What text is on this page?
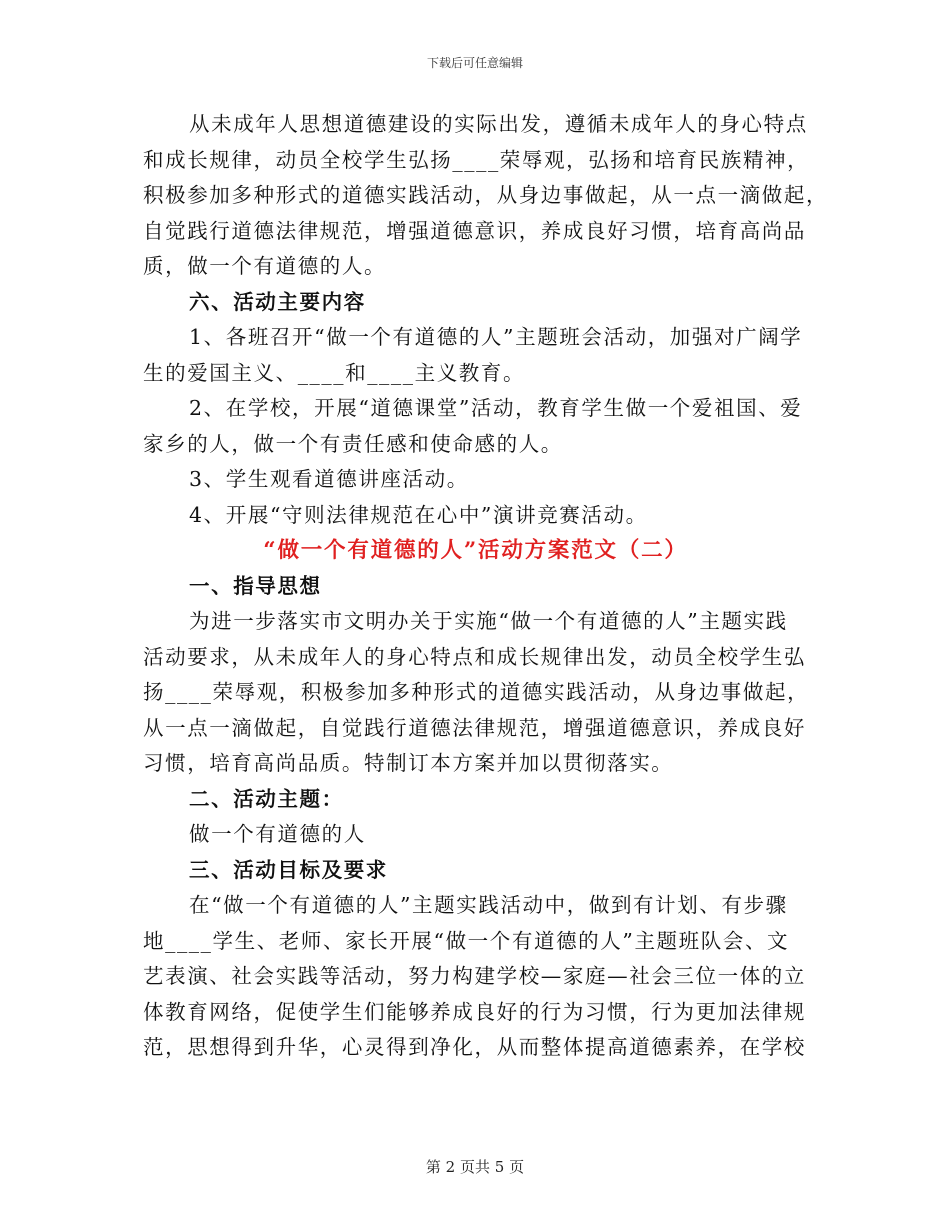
下载后可任意编辑

从未成年人思想道德建设的实际出发，遵循未成年人的身心特点

和成长规律，动员全校学生弘扬____荣辱观，弘扬和培育民族精神，

积极参加多种形式的道德实践活动，从身边事做起，从一点一滴做起，

自觉践行道德法律规范，增强道德意识，养成良好习惯，培育高尚品

质，做一个有道德的人。

六、活动主要内容

1、各班召开“做一个有道德的人”主题班会活动，加强对广阔学

生的爱国主义、____和____主义教育。

2、在学校，开展“道德课堂”活动，教育学生做一个爱祖国、爱

家乡的人，做一个有责任感和使命感的人。

3、学生观看道德讲座活动。

4、开展“守则法律规范在心中”演讲竞赛活动。

“做一个有道德的人”活动方案范文（二）

一、指导思想

为进一步落实市文明办关于实施“做一个有道德的人”主题实践

活动要求，从未成年人的身心特点和成长规律出发，动员全校学生弘

扬____荣辱观，积极参加多种形式的道德实践活动，从身边事做起，

从一点一滴做起，自觉践行道德法律规范，增强道德意识，养成良好

习惯，培育高尚品质。特制订本方案并加以贯彻落实。

二、活动主题：

做一个有道德的人

三、活动目标及要求

在“做一个有道德的人”主题实践活动中，做到有计划、有步骤

地____学生、老师、家长开展“做一个有道德的人”主题班队会、文

艺表演、社会实践等活动，努力构建学校—家庭—社会三位一体的立

体教育网络，促使学生们能够养成良好的行为习惯，行为更加法律规

范，思想得到升华，心灵得到净化，从而整体提高道德素养，在学校

第 2 页共 5 页
